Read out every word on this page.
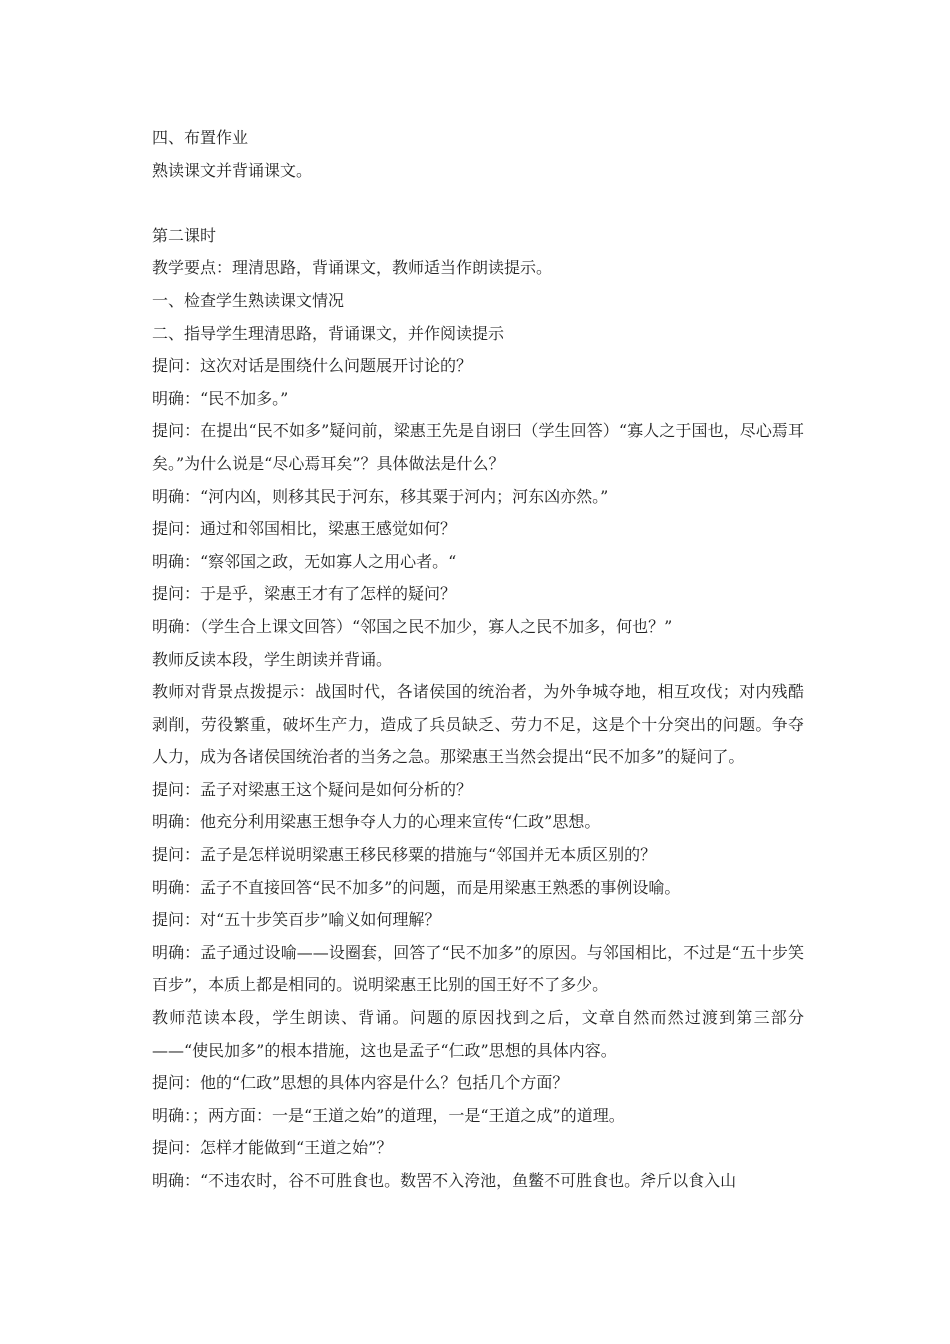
四、布置作业

熟读课文并背诵课文。

第二课时

教学要点：理清思路，背诵课文，教师适当作朗读提示。

一、检查学生熟读课文情况

二、指导学生理清思路，背诵课文，并作阅读提示

提问：这次对话是围绕什么问题展开讨论的？

明确：“民不加多。”

提问：在提出“民不如多”疑问前，梁惠王先是自诩曰（学生回答）“寡人之于国也，尽心焉耳矣。”为什么说是“尽心焉耳矣”？具体做法是什么？

明确：“河内凶，则移其民于河东，移其粟于河内；河东凶亦然。”

提问：通过和邻国相比，梁惠王感觉如何？

明确：“察邻国之政，无如寡人之用心者。“

提问：于是乎，梁惠王才有了怎样的疑问？

明确：（学生合上课文回答）“邻国之民不加少，寡人之民不加多，何也？”

教师反读本段，学生朗读并背诵。

教师对背景点拨提示：战国时代，各诸侯国的统治者，为外争城夺地，相互攻伐；对内残酷剥削，劳役繁重，破坏生产力，造成了兵员缺乏、劳力不足，这是个十分突出的问题。争夺人力，成为各诸侯国统治者的当务之急。那梁惠王当然会提出“民不加多”的疑问了。

提问：孟子对梁惠王这个疑问是如何分析的？

明确：他充分利用梁惠王想争夺人力的心理来宣传“仁政”思想。

提问：孟子是怎样说明梁惠王移民移粟的措施与“邻国并无本质区别的？

明确：孟子不直接回答“民不加多”的问题，而是用梁惠王熟悉的事例设喻。

提问：对“五十步笑百步”喻义如何理解？

明确：孟子通过设喻——设圈套，回答了“民不加多”的原因。与邻国相比，不过是“五十步笑百步”，本质上都是相同的。说明梁惠王比别的国王好不了多少。

教师范读本段，学生朗读、背诵。问题的原因找到之后，文章自然而然过渡到第三部分——“使民加多”的根本措施，这也是孟子“仁政”思想的具体内容。

提问：他的“仁政”思想的具体内容是什么？包括几个方面？

明确：；两方面：一是“王道之始”的道理，一是“王道之成”的道理。

提问：怎样才能做到“王道之始”？

明确：“不违农时，谷不可胜食也。数罟不入洿池，鱼鳖不可胜食也。斧斤以食入山
